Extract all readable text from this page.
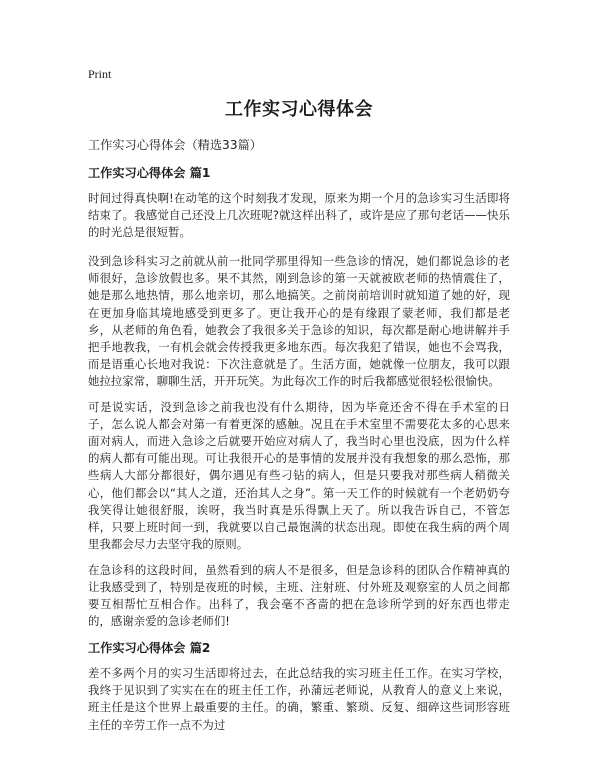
Print
工作实习心得体会
工作实习心得体会（精选33篇）
工作实习心得体会 篇1

时间过得真快啊!在动笔的这个时刻我才发现，原来为期一个月的急诊实习生活即将结束了。我感觉自己还没上几次班呢?就这样出科了，或许是应了那句老话——快乐的时光总是很短暂。

没到急诊科实习之前就从前一批同学那里得知一些急诊的情况，她们都说急诊的老师很好，急诊放假也多。果不其然，刚到急诊的第一天就被欧老师的热情震住了，她是那么地热情，那么地亲切，那么地搞笑。之前岗前培训时就知道了她的好，现在更加身临其境地感受到更多了。更让我开心的是有缘跟了蒙老师，我们都是老乡，从老师的角色看，她教会了我很多关于急诊的知识，每次都是耐心地讲解并手把手地教我，一有机会就会传授我更多地东西。每次我犯了错误，她也不会骂我，而是语重心长地对我说：下次注意就是了。生活方面，她就像一位朋友，我可以跟她拉拉家常，聊聊生活，开开玩笑。为此每次工作的时后我都感觉很轻松很愉快。

可是说实话，没到急诊之前我也没有什么期待，因为毕竟还舍不得在手术室的日子，怎么说人都会对第一有着更深的感触。况且在手术室里不需要花太多的心思来面对病人，而进入急诊之后就要开始应对病人了，我当时心里也没底，因为什么样的病人都有可能出现。可让我很开心的是事情的发展并没有我想象的那么恐怖，那些病人大部分都很好，偶尔遇见有些刁钻的病人，但是只要我对那些病人稍微关心，他们都会以“其人之道，还治其人之身”。第一天工作的时候就有一个老奶奶夸我笑得让她很舒服，诶呀，我当时真是乐得飘上天了。所以我告诉自己，不管怎样，只要上班时间一到，我就要以自己最饱满的状态出现。即使在我生病的两个周里我都会尽力去坚守我的原则。

在急诊科的这段时间，虽然看到的病人不是很多，但是急诊科的团队合作精神真的让我感受到了，特别是夜班的时候，主班、注射班、付外班及观察室的人员之间都要互相帮忙互相合作。出科了，我会毫不吝啬的把在急诊所学到的好东西也带走的，感谢亲爱的急诊老师们!

工作实习心得体会 篇2

差不多两个月的实习生活即将过去，在此总结我的实习班主任工作。在实习学校，我终于见识到了实实在在的班主任工作，孙蒲远老师说，从教育人的意义上来说，班主任是这个世界上最重要的主任。的确，繁重、繁琐、反复、细碎这些词形容班主任的辛劳工作一点不为过
